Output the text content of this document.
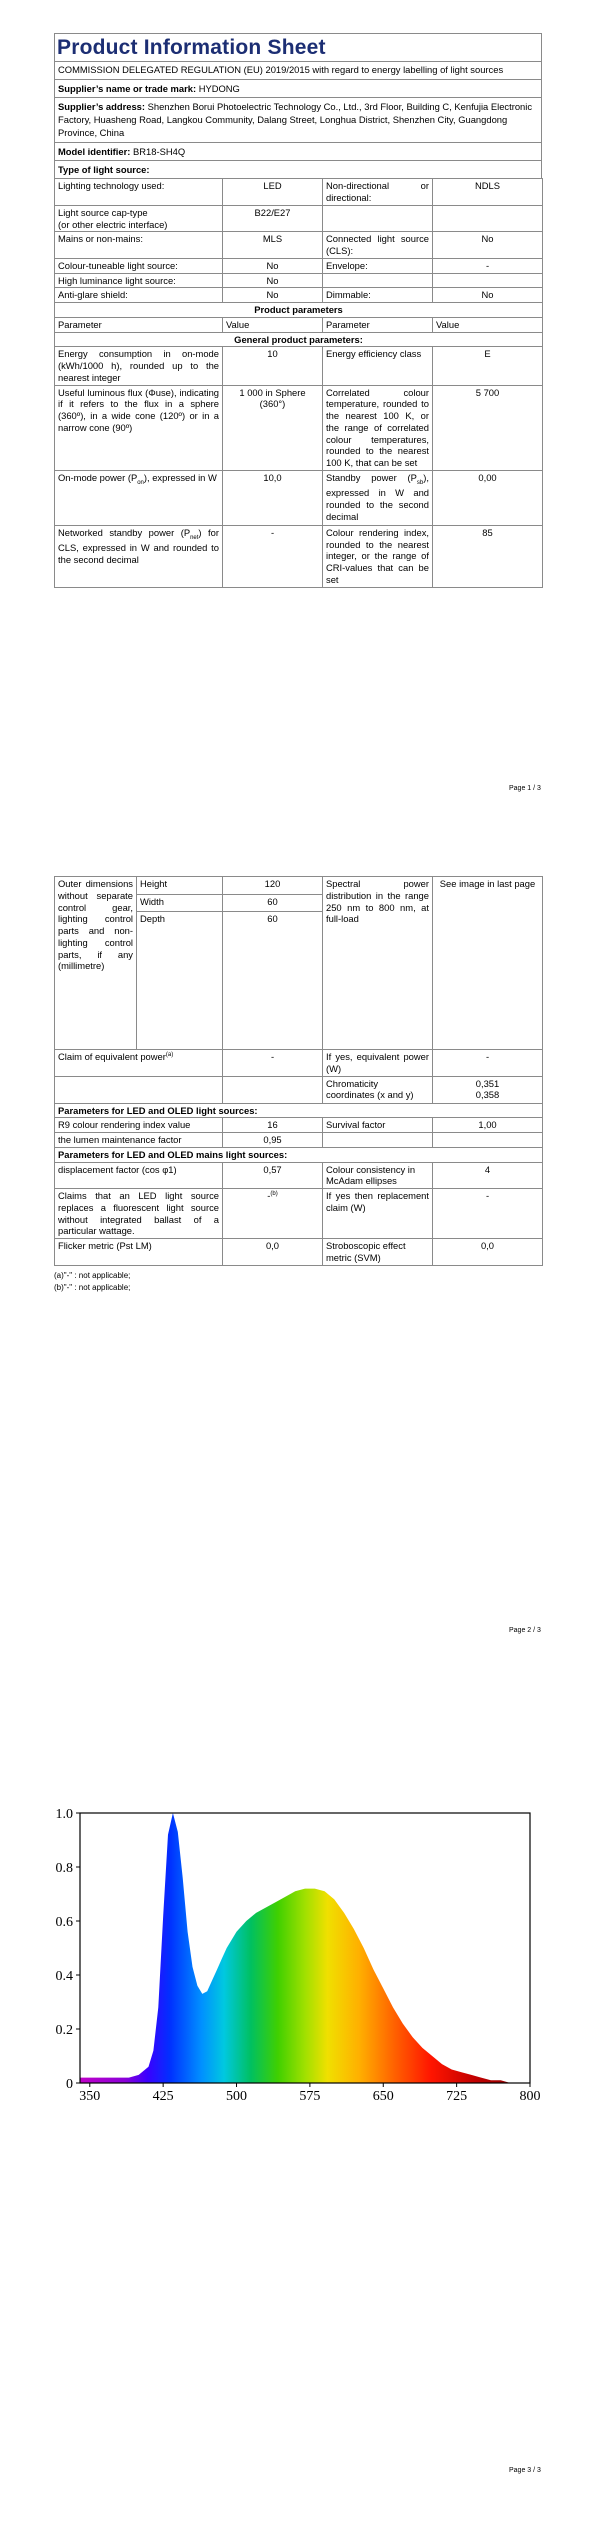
Product Information Sheet
COMMISSION DELEGATED REGULATION (EU) 2019/2015 with regard to energy labelling of light sources
Supplier’s name or trade mark: HYDONG
Supplier’s address: Shenzhen Borui Photoelectric Technology Co., Ltd., 3rd Floor, Building C, Kenfujia Electronic Factory, Huasheng Road, Langkou Community, Dalang Street, Longhua District, Shenzhen City, Guangdong Province, China
Model identifier: BR18-SH4Q
Type of light source:
Lighting technology used:	LED	Non-directional or directional:	NDLS
Light source cap-type
(or other electric interface)	B22/E27		
Mains or non-mains:	MLS	Connected light source (CLS):	No
Colour-tuneable light source:	No	Envelope:	-
High luminance light source:	No		
Anti-glare shield:	No	Dimmable:	No
Product parameters			
Parameter	Value	Parameter	Value
General product parameters:			
Energy consumption in on-mode (kWh/1000 h), rounded up to the nearest integer	10	Energy efficiency class	E
Useful luminous flux (Φuse), indicating if it refers to the flux in a sphere (360º), in a wide cone (120º) or in a narrow cone (90º)	1 000 in Sphere (360°)	Correlated colour temperature, rounded to the nearest 100 K, or the range of correlated colour temperatures, rounded to the nearest 100 K, that can be set	5 700
On-mode power $(P_{on})$, expressed in W	10,0	Standby power $(P_{sb})$, expressed in W and rounded to the second decimal	0,00
Networked standby power $(P_{net})$ for CLS, expressed in W and rounded to the second decimal	-	Colour rendering index, rounded to the nearest integer, or the range of CRI-values that can be set	85
Page 1 / 3
Outer dimensions without separate control gear, lighting control parts and non-lighting control parts, if any (millimetre)	Height	120	Spectral power distribution in the range 250 nm to 800 nm, at full-load	See image in last page
	Width	60		
	Depth	60		
Claim of equivalent power$^{(a)}$	-	If yes, equivalent power (W)	-
		Chromaticity coordinates (x and y)	0,351
0,358

Parameters for LED and OLED light sources:			
R9 colour rendering index value	16	Survival factor	1,00
the lumen maintenance factor	0,95		
Parameters for LED and OLED mains light sources:			
displacement factor (cos φ1)	0,57	Colour consistency in McAdam ellipses	4
Claims that an LED light source replaces a fluorescent light source without integrated ballast of a particular wattage.	-$^{(b)}$	If yes then replacement claim (W)	-
Flicker metric (Pst LM)	0,0	Stroboscopic effect metric (SVM)	0,0
(a)"-" : not applicable;
(b)"-" : not applicable;
Page 2 / 3
350	425	500	575	650	725	800
0
0.2
0.4
0.6
0.8
1.0
Page 3 / 3
